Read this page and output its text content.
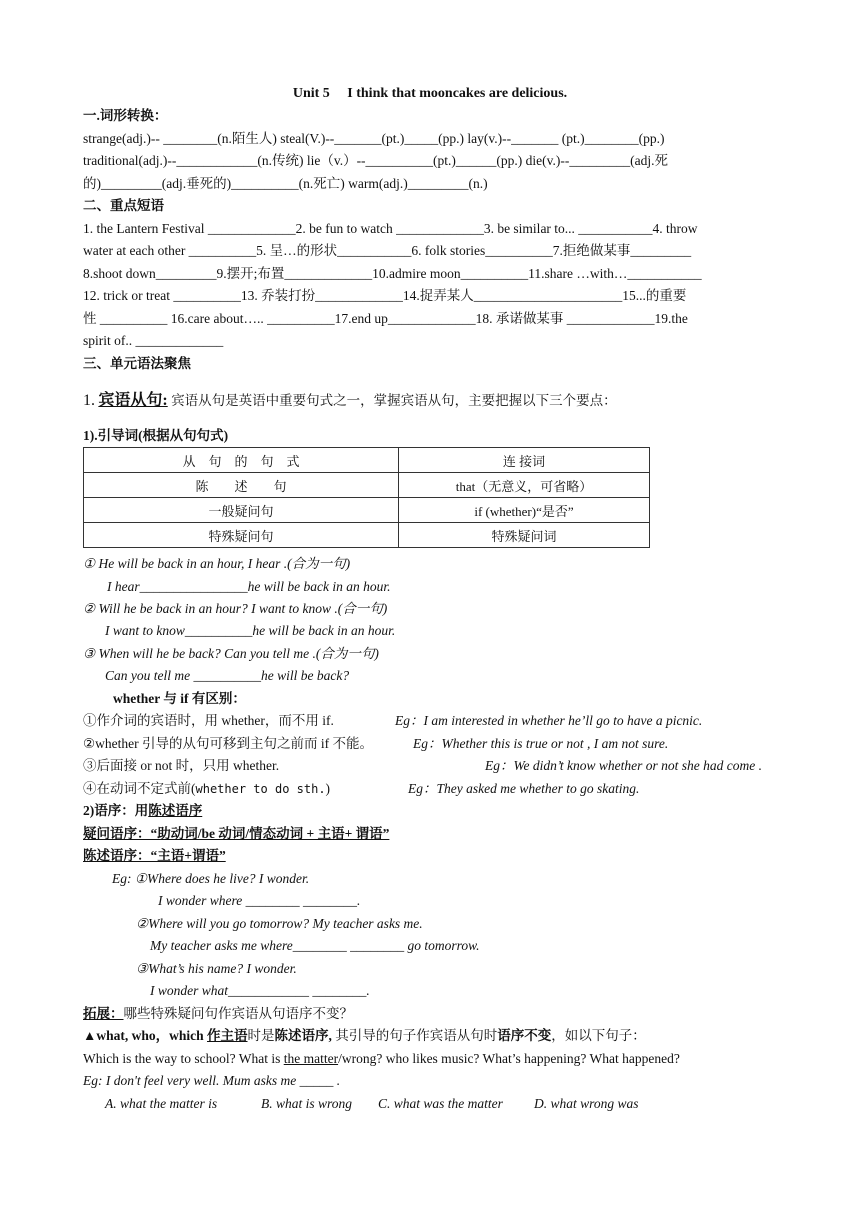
Unit 5     I think that mooncakes are delicious.
一.词形转换：
strange(adj.)-- ________(n.陌生人) steal(V.)--_______(pt.)_____(pp.) lay(v.)--_______ (pt.)________(pp.)
traditional(adj.)--____________(n.传统) lie（v.）--__________(pt.)______(pp.) die(v.)--_________(adj.死
的)_________(adj.垂死的)__________(n.死亡) warm(adj.)_________(n.)
二、重点短语
1. the Lantern Festival _____________2. be fun to watch _____________3. be similar to... ___________4. throw
water at each other __________5. 呈…的形状___________6. folk stories__________7.拒绝做某事_________
8.shoot down_________9.摆开;布置_____________10.admire moon__________11.share …with…___________
12. trick or treat __________13. 乔装打扮_____________14.捉弄某人______________________15...的重要
性 __________ 16.care about….. __________17.end up_____________18. 承诺做某事 _____________19.the
spirit of.. _____________
三、单元语法聚焦
1. 宾语从句: 宾语从句是英语中重要句式之一，掌握宾语从句，主要把握以下三个要点：
1).引导词(根据从句句式)
从　句　的　句　式	连 接词
陈　　述　　句	that（无意义，可省略）
一般疑问句	if (whether)“是否”
特殊疑问句	特殊疑问词
① He will be back in an hour, I hear .(合为一句)
I hear________________he will be back in an hour.
② Will he be back in an hour? I want to know .(合一句)
I want to know__________he will be back in an hour.
③ When will he be back? Can you tell me .(合为一句)
Can you tell me __________he will be back?
whether 与 if 有区别：
①作介词的宾语时，用 whether，而不用 if.	Eg：I am interested in whether he’ll go to have a picnic.
②whether 引导的从句可移到主句之前而 if 不能。	Eg：Whether this is true or not , I am not sure.
③后面接 or not 时，只用 whether.	Eg：We didn’t know whether or not she had come .
④在动词不定式前(whether to do sth.)	Eg：They asked me whether to go skating.
2)语序：用陈述语序
疑问语序：“助动词/be 动词/情态动词 + 主语+ 谓语”
陈述语序：“主语+谓语”
Eg: ①Where does he live? I wonder.
I wonder where ________ ________.
②Where will you go tomorrow? My teacher asks me.
My teacher asks me where________ ________ go tomorrow.
③What’s his name? I wonder.
I wonder what____________ ________.
拓展：哪些特殊疑问句作宾语从句语序不变？
▲what, who，which 作主语时是陈述语序, 其引导的句子作宾语从句时语序不变，如以下句子：
Which is the way to school? What is the matter/wrong? who likes music? What’s happening? What happened?
Eg: I don't feel very well. Mum asks me _____ .
A. what the matter is	B. what is wrong C. what was the matter D. what wrong was
